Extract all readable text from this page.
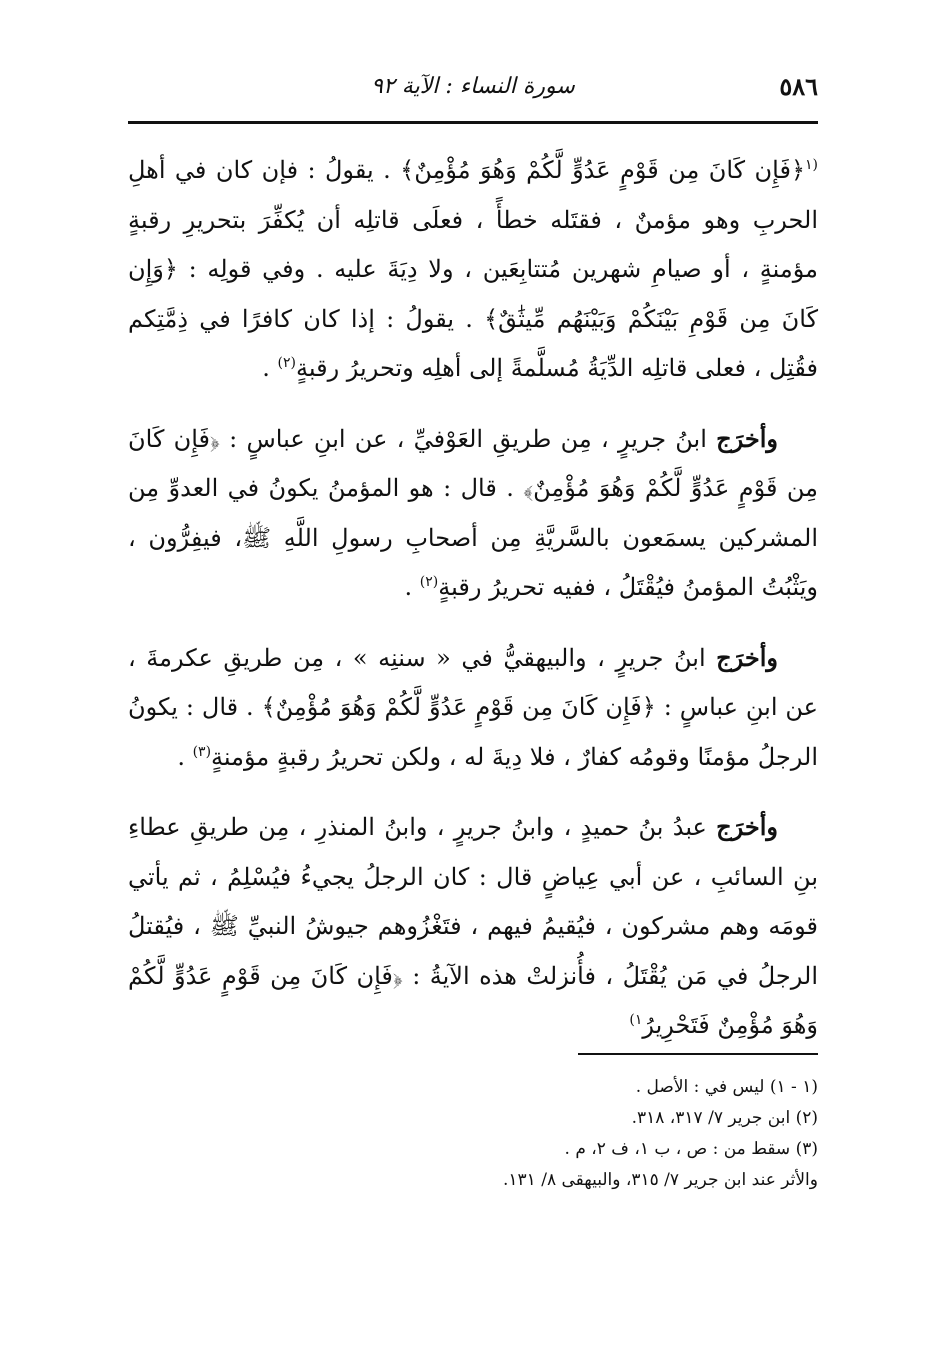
٥٨٦
سورة النساء : الآية ٩٢

$^{(١}$﴿فَإِن كَانَ مِن قَوْمٍ عَدُوٍّ لَّكُمْ وَهُوَ مُؤْمِنٌ﴾ . يقولُ : فإن كان في أهلِ الحربِ وهو مؤمنٌ ، فقتَله خطأً ، فعلَى قاتلِه أن يُكفِّرَ بتحريرِ رقبةٍ مؤمنةٍ ، أو صيامِ شهرين مُتتابِعَين ، ولا دِيَةَ عليه . وفي قولِه : ﴿وَإِن كَانَ مِن قَوْمِ بَيْنَكُمْ وَبَيْنَهُم مِّيثَٰقٌ﴾ . يقولُ : إذا كان كافرًا في ذِمَّتِكم فقُتِل ، فعلى قاتلِه الدِّيَةُ مُسلَّمةً إلى أهلِه وتحريرُ رقبةٍ$^{(٢)}$ .

وأخرَج ابنُ جريرٍ ، مِن طريقِ العَوْفيِّ ، عن ابنِ عباسٍ : ﴿فَإِن كَانَ مِن قَوْمٍ عَدُوٍّ لَّكُمْ وَهُوَ مُؤْمِنٌ﴾ . قال : هو المؤمنُ يكونُ في العدوِّ مِن المشركين يسمَعون بالسَّريَّةِ مِن أصحابِ رسولِ اللَّهِ ﷺ، فيفِرُّون ، ويَثْبُتُ المؤمنُ فيُقْتَلُ ، ففيه تحريرُ رقبةٍ$^{(٢)}$ .

وأخرَج ابنُ جريرٍ ، والبيهقيُّ في « سننِه » ، مِن طريقِ عكرمةَ ، عن ابنِ عباسٍ : ﴿فَإِن كَانَ مِن قَوْمٍ عَدُوٍّ لَّكُمْ وَهُوَ مُؤْمِنٌ﴾ . قال : يكونُ الرجلُ مؤمنًا وقومُه كفارٌ ، فلا دِيةَ له ، ولكن تحريرُ رقبةٍ مؤمنةٍ$^{(٣)}$ .

وأخرَج عبدُ بنُ حميدٍ ، وابنُ جريرٍ ، وابنُ المنذرِ ، مِن طريقِ عطاءِ بنِ السائبِ ، عن أبي عِياضٍ قال : كان الرجلُ يجيءُ فيُسْلِمُ ، ثم يأتي قومَه وهم مشركون ، فيُقيمُ فيهم ، فتَغْزُوهم جيوشُ النبيِّ ﷺ ، فيُقتلُ الرجلُ في مَن يُقْتَلُ ، فأُنزلتْ هذه الآيةُ : ﴿فَإِن كَانَ مِن قَوْمٍ عَدُوٍّ لَّكُمْ وَهُوَ مُؤْمِنٌ فَتَحْرِيرُ$^{١)}$

(١ - ١) ليس في : الأصل .

(٢) ابن جرير ٧/ ٣١٧، ٣١٨.

(٣) سقط من : ص ، ب ١، ف ٢، م .

والأثر عند ابن جرير ٧/ ٣١٥، والبيهقى ٨/ ١٣١.
